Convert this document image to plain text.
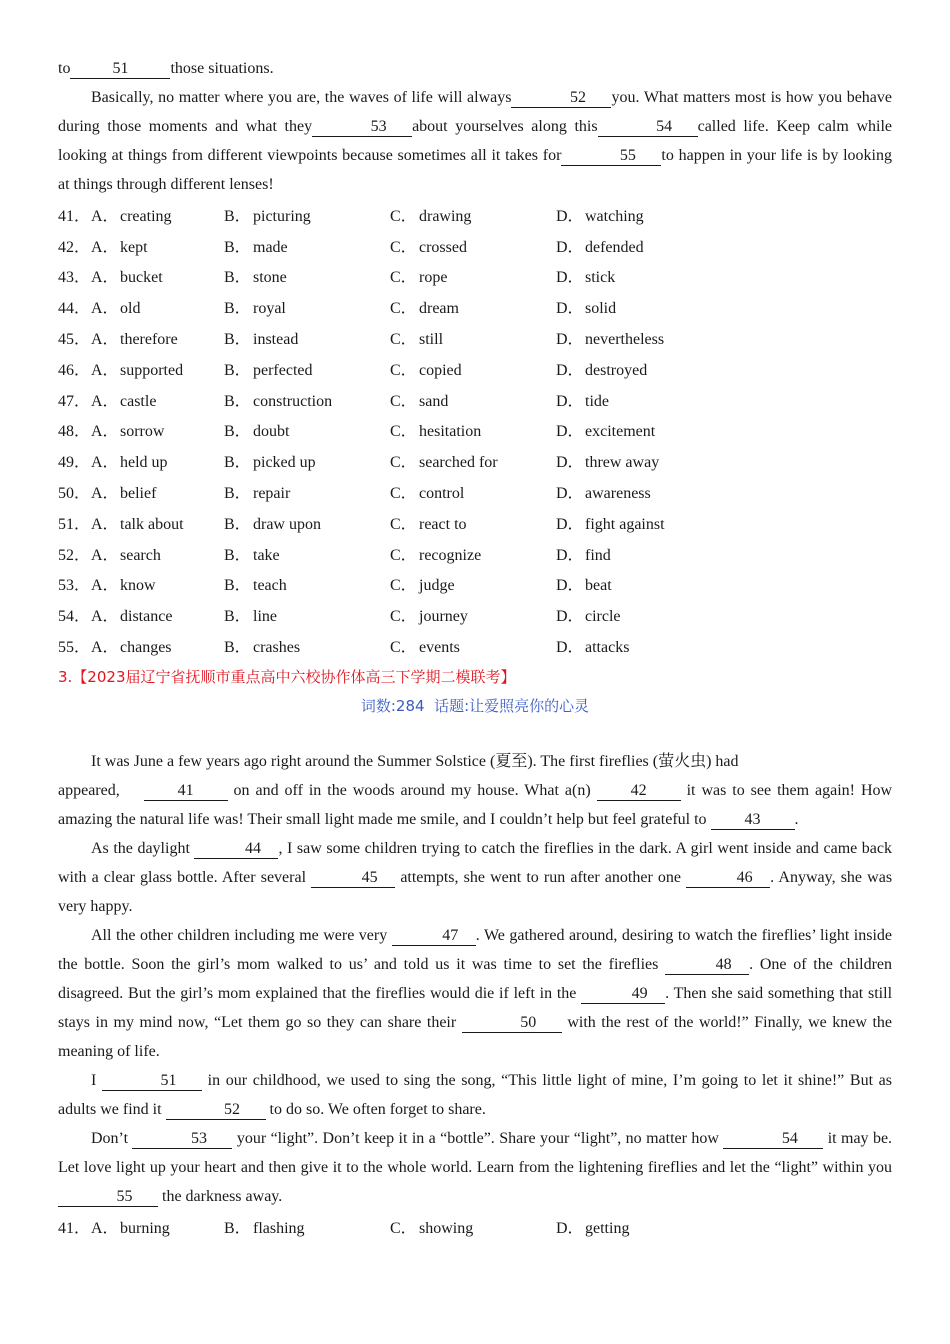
to	51	those situations.

Basically, no matter where you are, the waves of life will always	52 you. What matters most is how you behave during those moments and what they	53 about yourselves along this	54 called life. Keep calm while looking at things from different viewpoints because sometimes all it takes for	55 to happen in your life is by looking at things through different lenses!

41． A．creating	B． picturing	C． drawing	D．watching
42． A．kept	B． made	C． crossed	D．defended
43． A．bucket	B． stone	C． rope	D．stick
44． A．old	B． royal	C． dream	D．solid
45． A．therefore	B． instead	C． still	D．nevertheless
46． A．supported	B． perfected	C． copied	D．destroyed
47． A．castle	B． construction	C． sand	D．tide
48． A．sorrow	B． doubt	C． hesitation	D．excitement
49． A．held up	B． picked up	C． searched for	D．threw away
50． A．belief	B． repair	C． control	D．awareness
51． A．talk about	B． draw upon	C． react to	D．fight against
52． A．search	B． take	C． recognize	D．find
53． A．know	B． teach	C． judge	D．beat
54． A．distance	B． line	C． journey	D．circle
55． A．changes	B． crashes	C． events	D．attacks
3.【2023届辽宁省抚顺市重点高中六校协作体高三下学期二模联考】
词数:284 话题:让爱照亮你的心灵

It was June a few years ago right around the Summer Solstice (夏至). The first fireflies (萤火虫) had

appeared,	41 on and off in the woods around my house. What a(n) 42 it was to see them again! How amazing the natural life was! Their small light made me smile, and I couldn’t help but feel grateful to 43 .

As the daylight	44 , I saw some children trying to catch the fireflies in the dark. A girl went inside and came back with a clear glass bottle. After several	45 attempts, she went to run after another one	46 . Anyway, she was very happy.

All the other children including me were very	47 . We gathered around, desiring to watch the fireflies’ light inside the bottle. Soon the girl’s mom walked to us’ and told us it was time to set the fireflies	48 . One of the children disagreed. But the girl’s mom explained that the fireflies would die if left in the	49 . Then she said something that still stays in my mind now, “Let them go so they can share their	50 with the rest of the world!” Finally, we knew the meaning of life.

I	51 in our childhood, we used to sing the song, “This little light of mine, I’m going to let it shine!” But as adults we find it	52 to do so. We often forget to share.

Don’t	53 your “light”. Don’t keep it in a “bottle”. Share your “light”, no matter how	54 it may be. Let love light up your heart and then give it to the whole world. Learn from the lightening fireflies and let the “light” within you 55 the darkness away.

41． A．burning	B． flashing	C． showing	D．getting
